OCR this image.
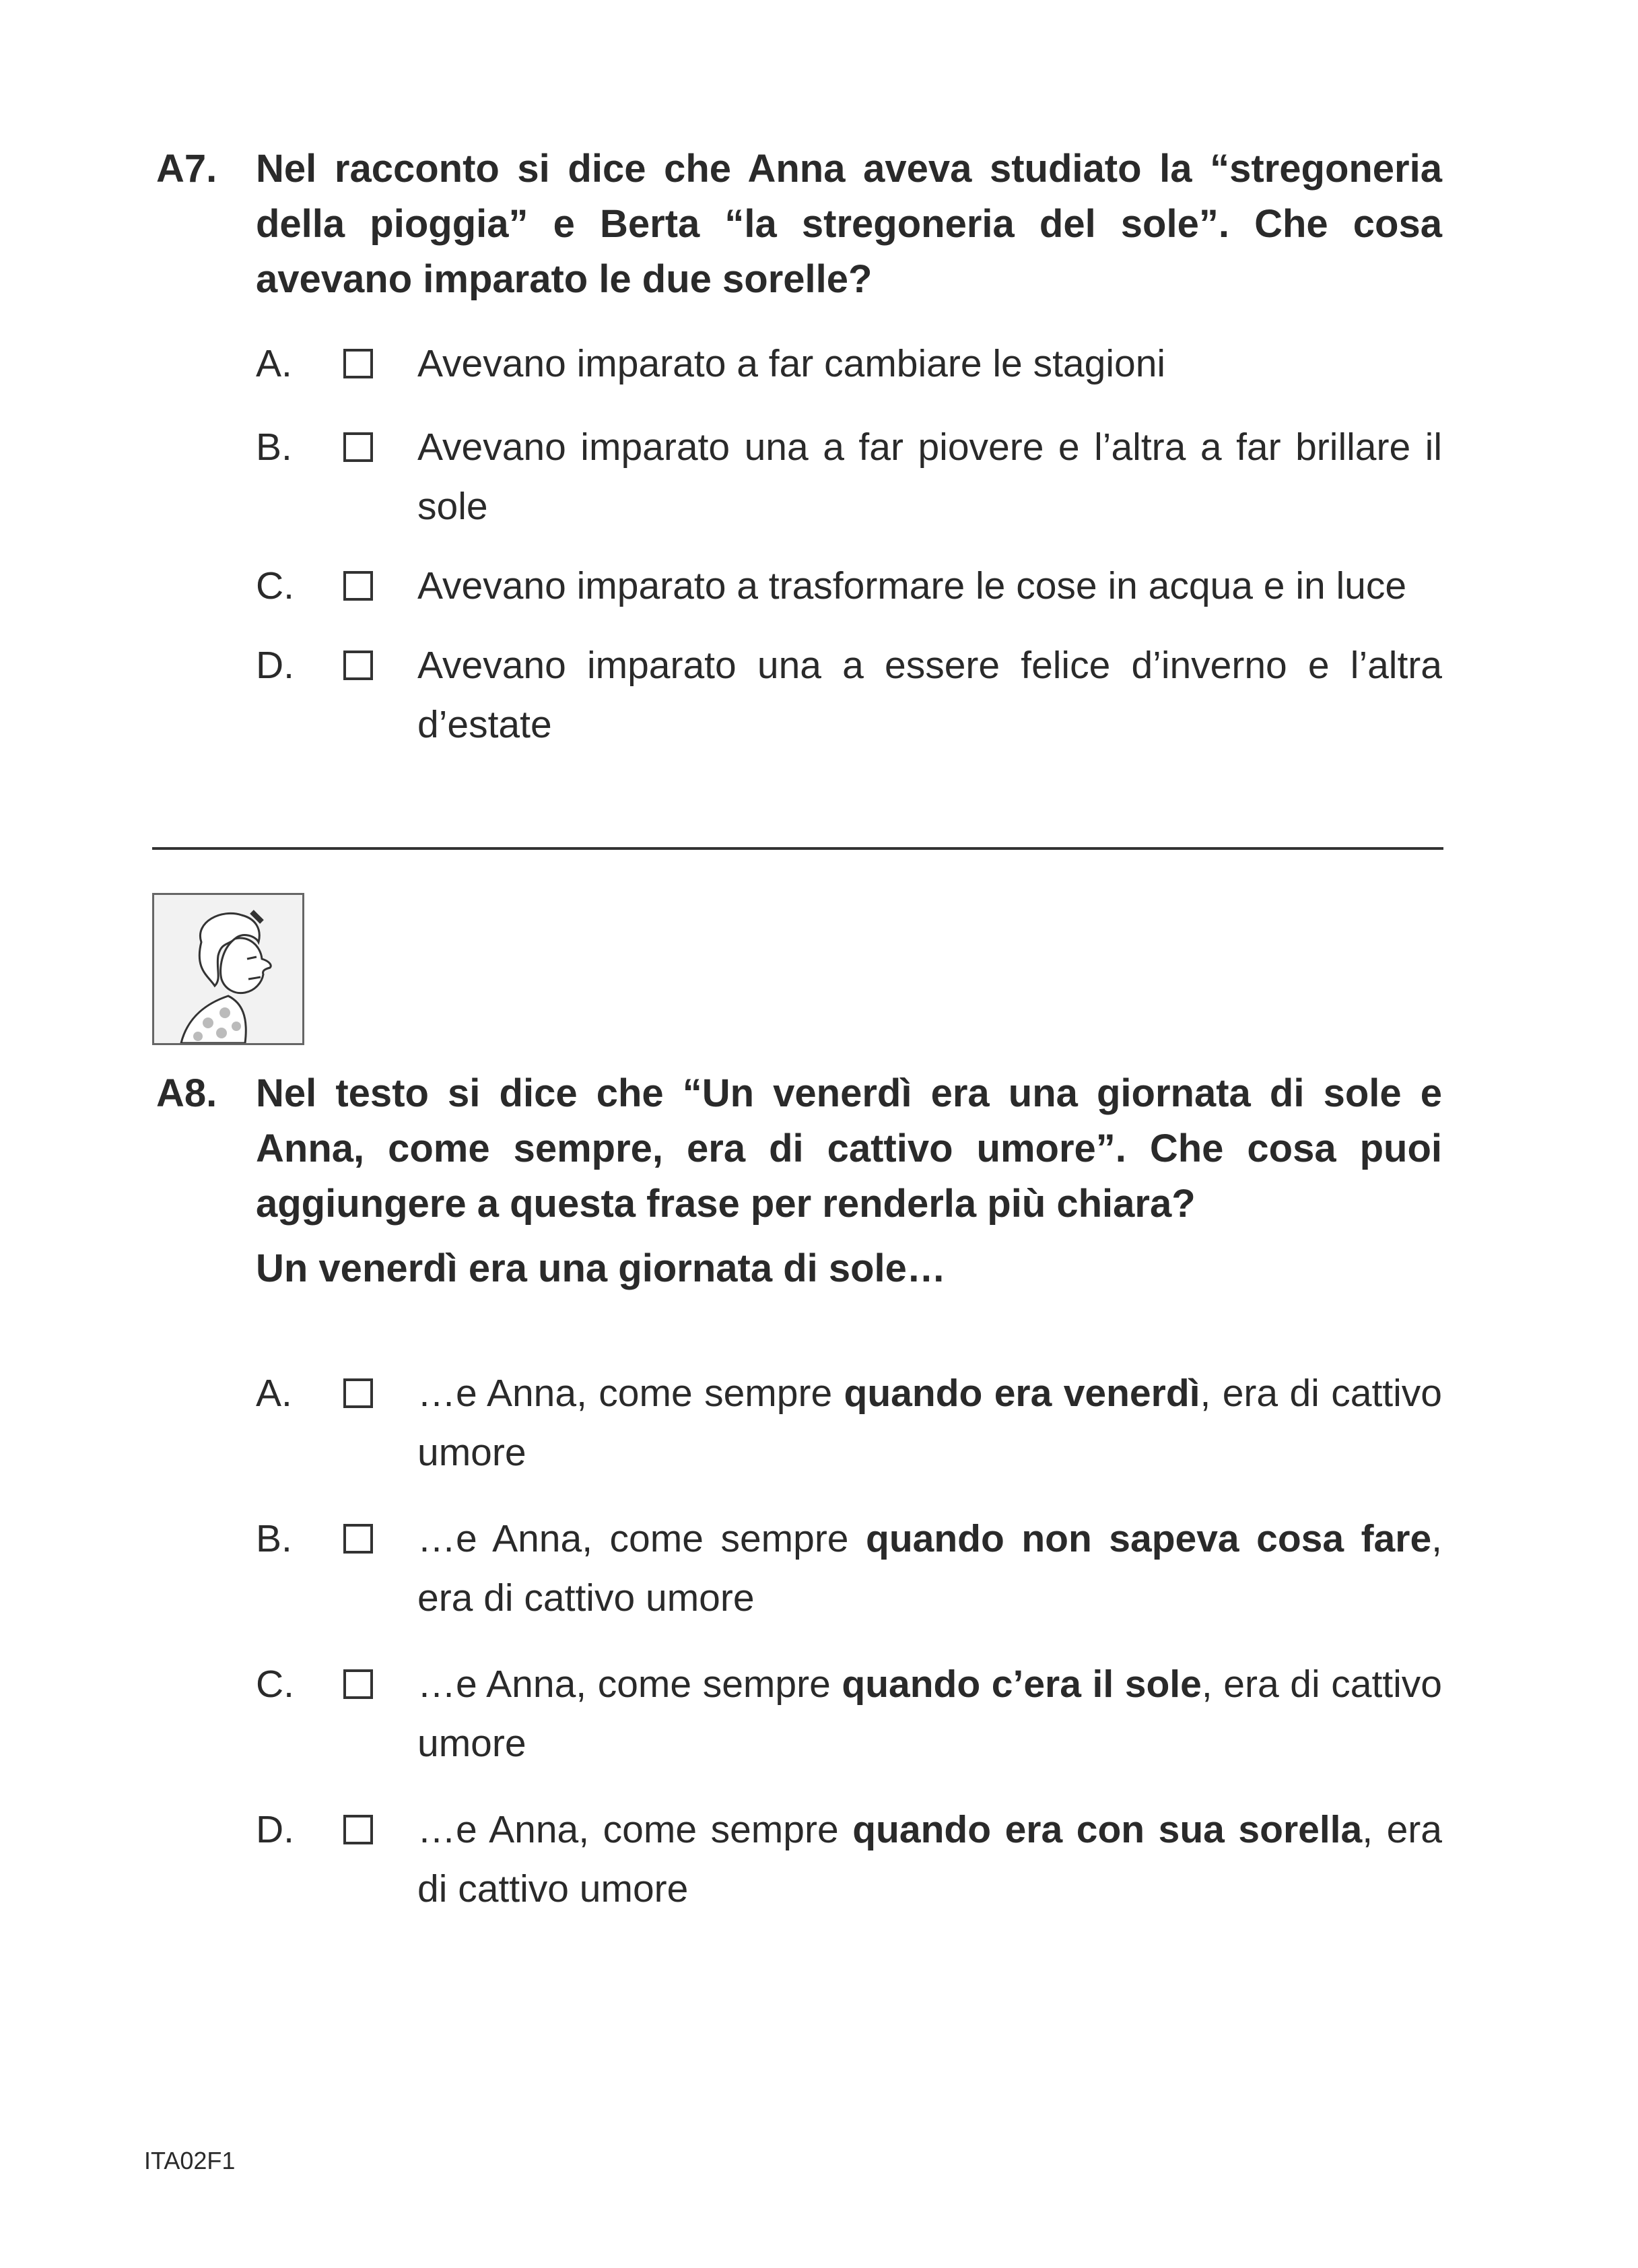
A7. Nel racconto si dice che Anna aveva studiato la “stregoneria della pioggia” e Berta “la stregoneria del sole”. Che cosa avevano imparato le due sorelle?
A.	Avevano imparato a far cambiare le stagioni
B.	Avevano imparato una a far piovere e l’altra a far brillare il sole
C.	Avevano imparato a trasformare le cose in acqua e in luce
D.	Avevano imparato una a essere felice d’inverno e l’altra d’estate
A8. Nel testo si dice che “Un venerdì era una giornata di sole e Anna, come sempre, era di cattivo umore”. Che cosa puoi aggiungere a questa frase per renderla più chiara?
Un venerdì era una giornata di sole…
A.	…e Anna, come sempre quando era venerdì, era di cattivo umore
B.	…e Anna, come sempre quando non sapeva cosa fare, era di cattivo umore
C.	…e Anna, come sempre quando c’era il sole, era di cattivo umore
D.	…e Anna, come sempre quando era con sua sorella, era di cattivo umore
ITA02F1
